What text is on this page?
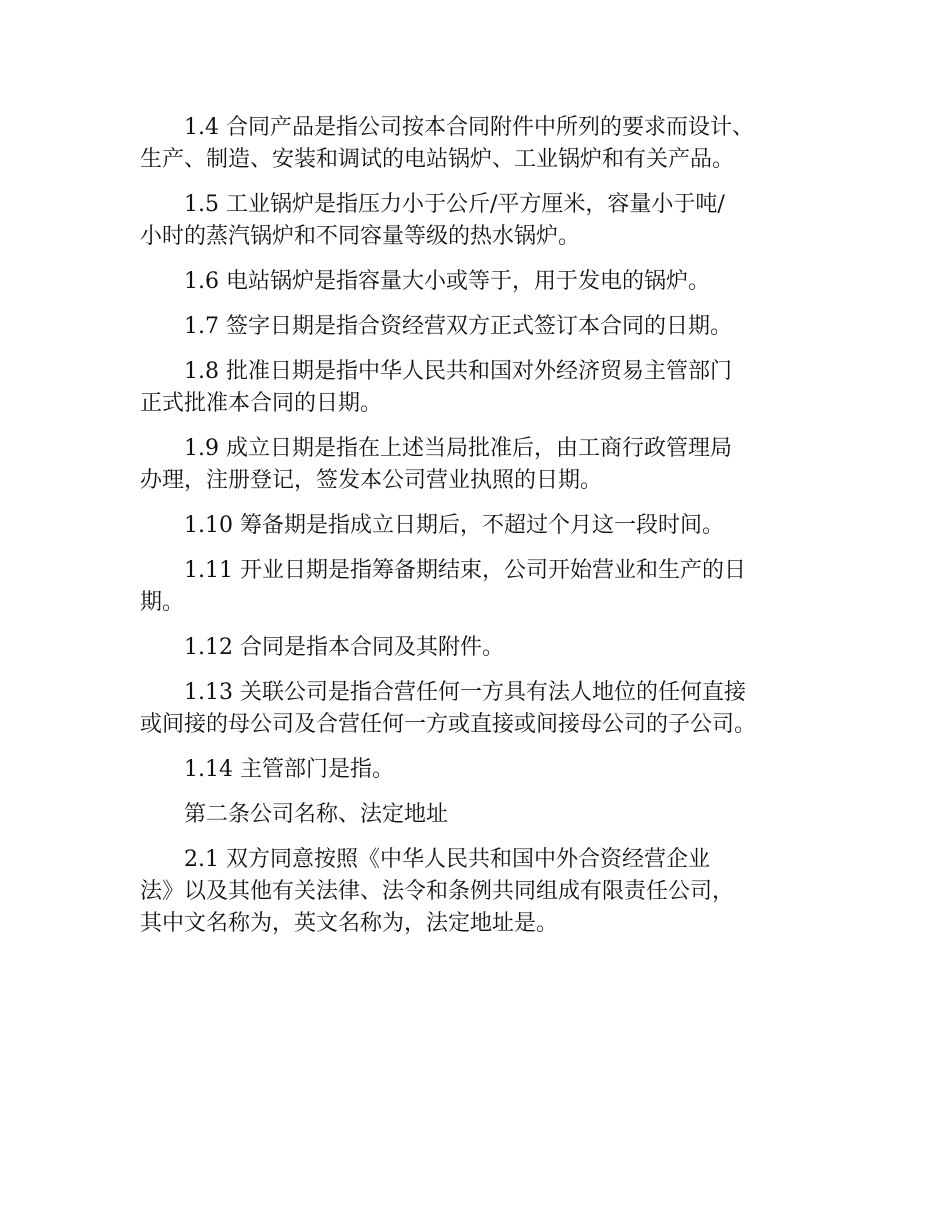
1.4 合同产品是指公司按本合同附件中所列的要求而设计、
生产、制造、安装和调试的电站锅炉、工业锅炉和有关产品。

1.5 工业锅炉是指压力小于公斤/平方厘米，容量小于吨/
小时的蒸汽锅炉和不同容量等级的热水锅炉。

1.6 电站锅炉是指容量大小或等于，用于发电的锅炉。

1.7 签字日期是指合资经营双方正式签订本合同的日期。

1.8 批准日期是指中华人民共和国对外经济贸易主管部门
正式批准本合同的日期。

1.9 成立日期是指在上述当局批准后，由工商行政管理局
办理，注册登记，签发本公司营业执照的日期。

1.10 筹备期是指成立日期后，不超过个月这一段时间。

1.11 开业日期是指筹备期结束，公司开始营业和生产的日
期。

1.12 合同是指本合同及其附件。

1.13 关联公司是指合营任何一方具有法人地位的任何直接
或间接的母公司及合营任何一方或直接或间接母公司的子公司。

1.14 主管部门是指。

第二条公司名称、法定地址

2.1 双方同意按照《中华人民共和国中外合资经营企业
法》以及其他有关法律、法令和条例共同组成有限责任公司，
其中文名称为，英文名称为，法定地址是。
